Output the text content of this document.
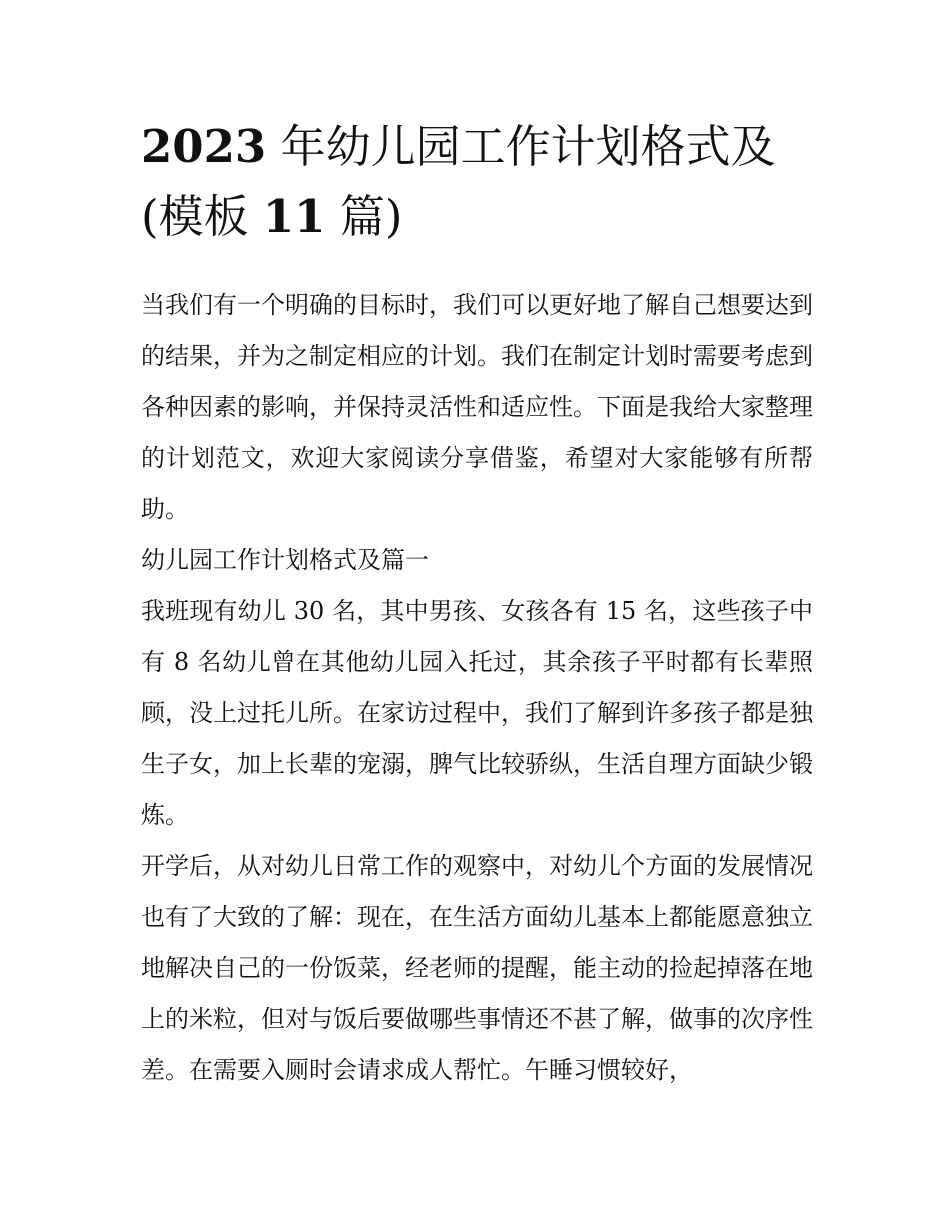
2023 年幼儿园工作计划格式及
(模板 11 篇)

当我们有一个明确的目标时，我们可以更好地了解自己想要达到的结果，并为之制定相应的计划。我们在制定计划时需要考虑到各种因素的影响，并保持灵活性和适应性。下面是我给大家整理的计划范文，欢迎大家阅读分享借鉴，希望对大家能够有所帮助。

幼儿园工作计划格式及篇一

我班现有幼儿 30 名，其中男孩、女孩各有 15 名，这些孩子中有 8 名幼儿曾在其他幼儿园入托过，其余孩子平时都有长辈照顾，没上过托儿所。在家访过程中，我们了解到许多孩子都是独生子女，加上长辈的宠溺，脾气比较骄纵，生活自理方面缺少锻炼。

开学后，从对幼儿日常工作的观察中，对幼儿个方面的发展情况也有了大致的了解：现在，在生活方面幼儿基本上都能愿意独立地解决自己的一份饭菜，经老师的提醒，能主动的捡起掉落在地上的米粒，但对与饭后要做哪些事情还不甚了解，做事的次序性差。在需要入厕时会请求成人帮忙。午睡习惯较好，
